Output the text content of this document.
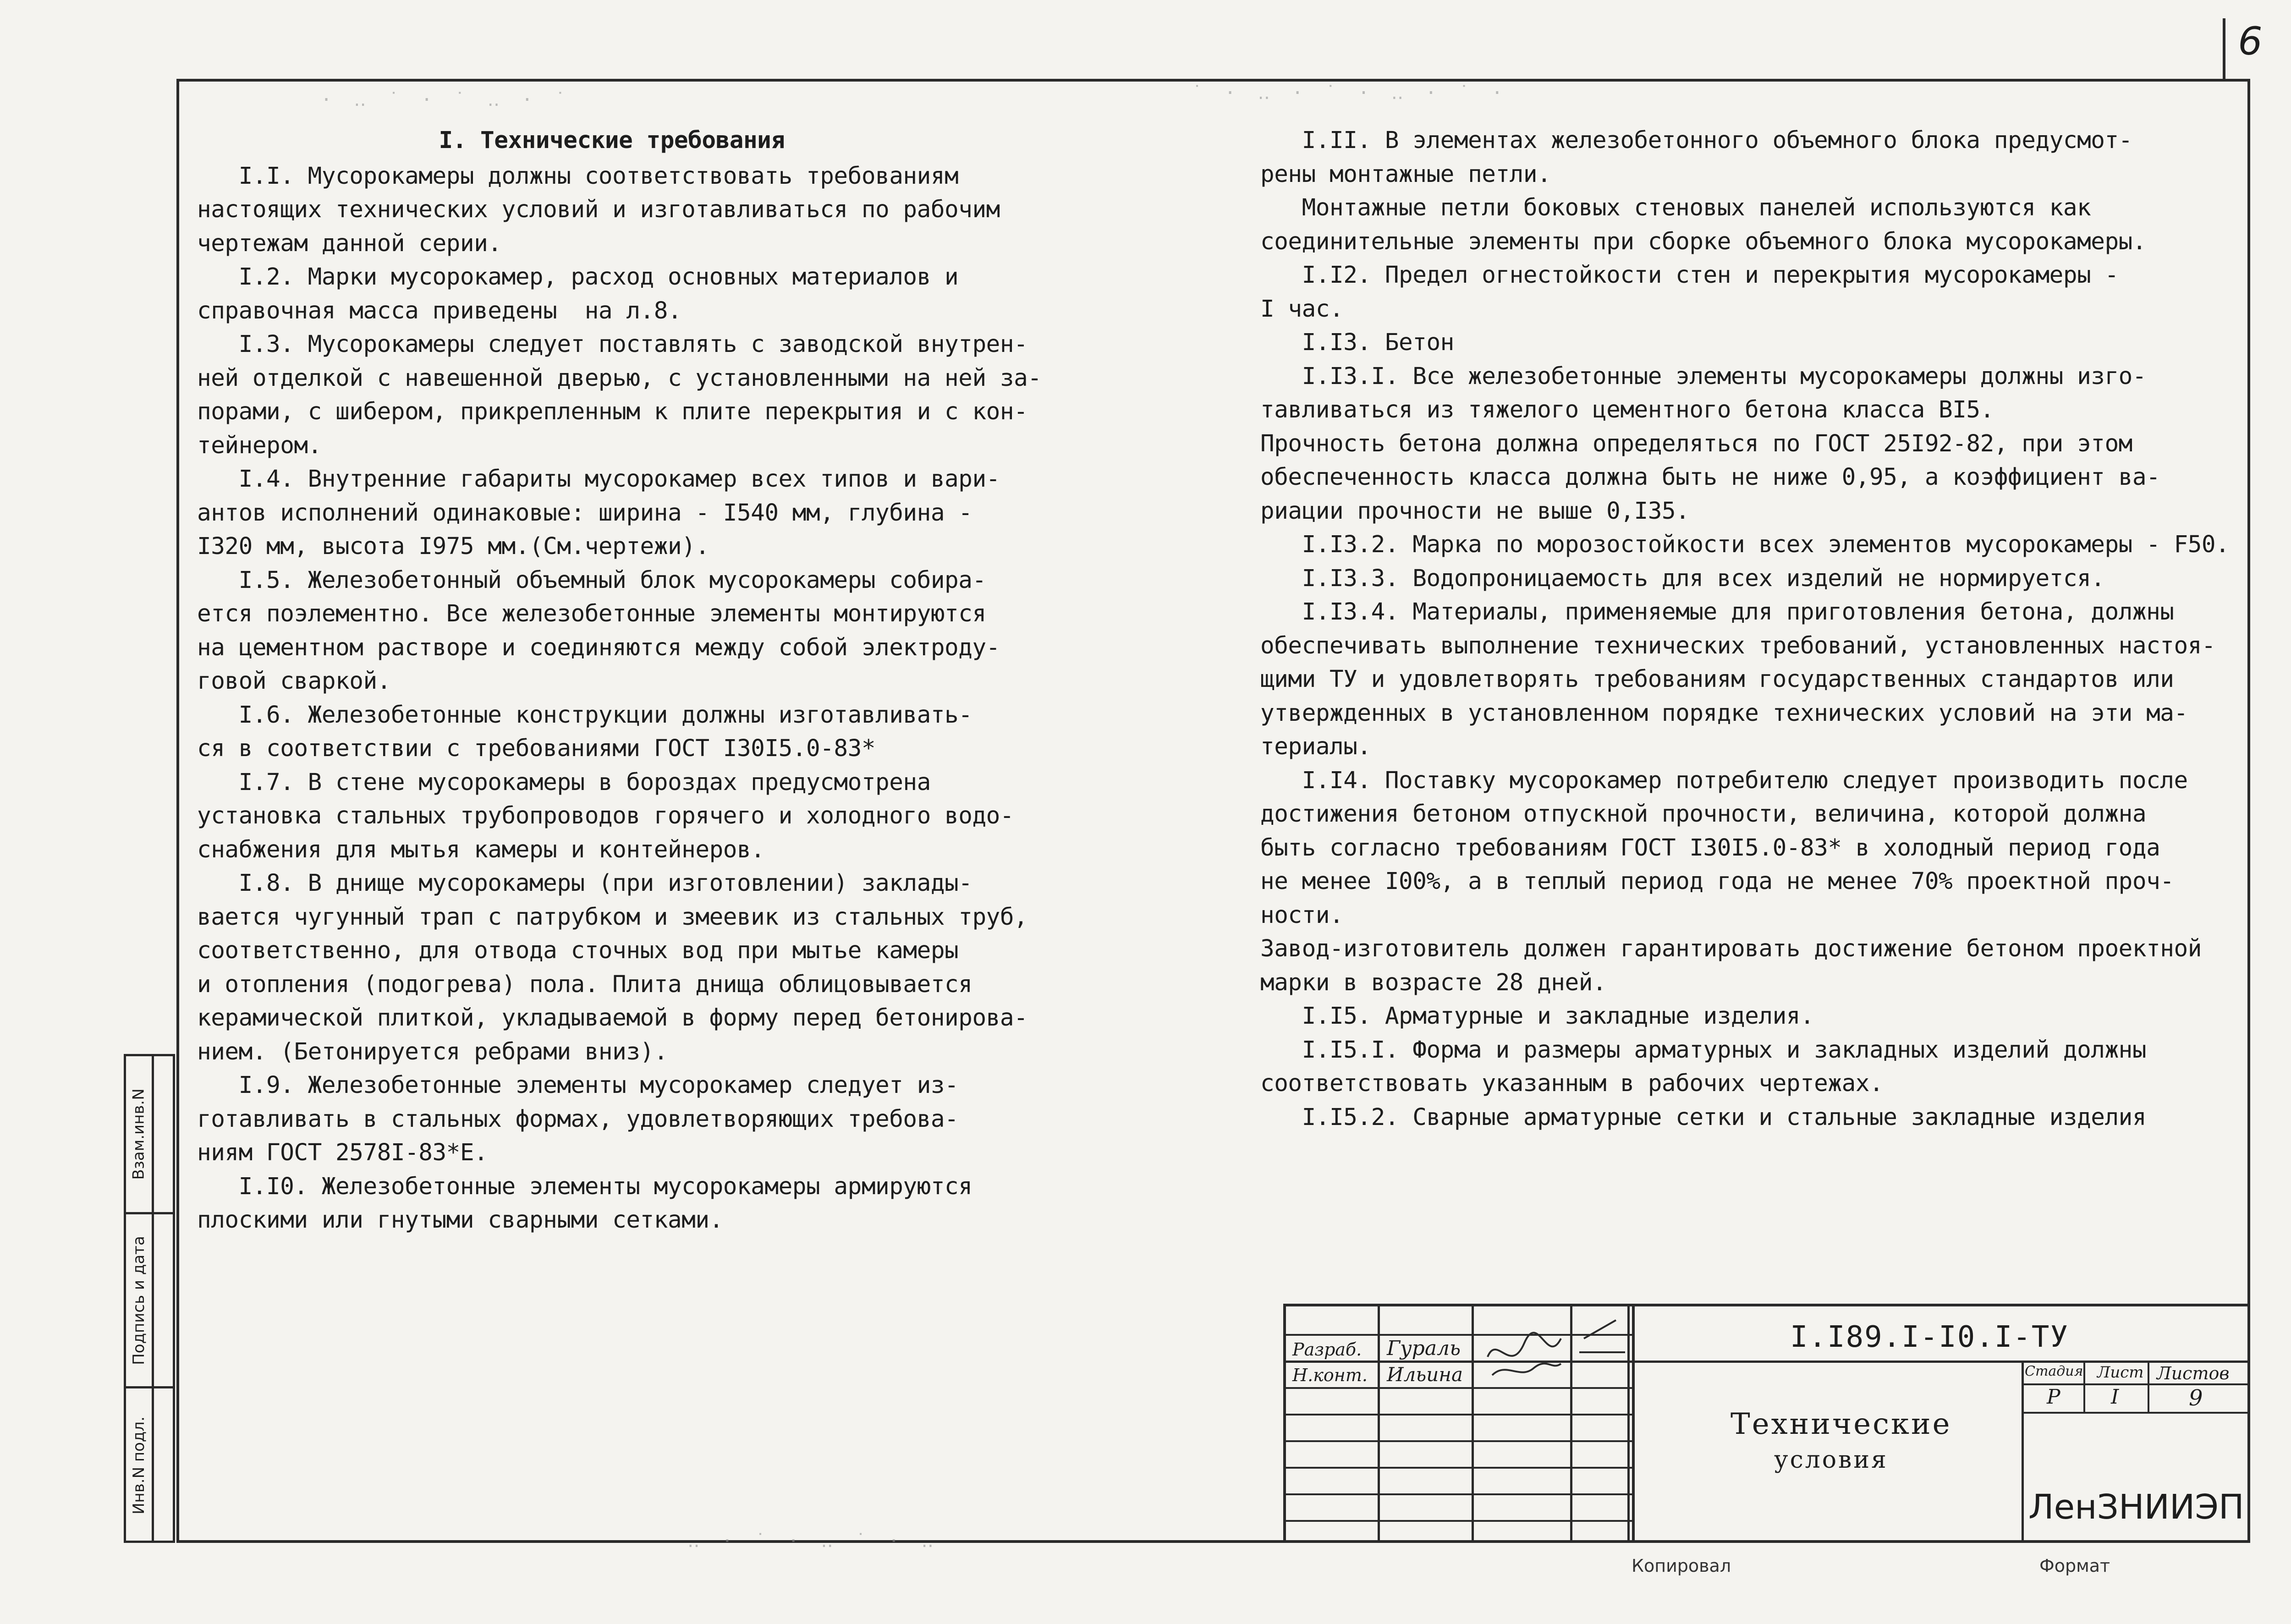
6
· ‥ ˙ · ˙ ‥ · ˙	˙ · ‥ · ˙ · ‥ · ˙ ·
‥ · ˙ · ‥ ˙ · ‥

I. Технические требования

I.I. Мусорокамеры должны соответствовать требованиям

настоящих технических условий и изготавливаться по рабочим

чертежам данной серии.

I.2. Марки мусорокамер, расход основных материалов и

справочная масса приведены  на л.8.

I.3. Мусорокамеры следует поставлять с заводской внутрен-

ней отделкой с навешенной дверью, с установленными на ней за-

порами, с шибером, прикрепленным к плите перекрытия и с кон-

тейнером.

I.4. Внутренние габариты мусорокамер всех типов и вари-

антов исполнений одинаковые: ширина - I540 мм, глубина -

I320 мм, высота I975 мм.(См.чертежи).

I.5. Железобетонный объемный блок мусорокамеры собира-

ется поэлементно. Все железобетонные элементы монтируются

на цементном растворе и соединяются между собой электроду-

говой сваркой.

I.6. Железобетонные конструкции должны изготавливать-

ся в соответствии с требованиями ГОСТ I30I5.0-83*

I.7. В стене мусорокамеры в бороздах предусмотрена

установка стальных трубопроводов горячего и холодного водо-

снабжения для мытья камеры и контейнеров.

I.8. В днище мусорокамеры (при изготовлении) заклады-

вается чугунный трап с патрубком и змеевик из стальных труб,

соответственно, для отвода сточных вод при мытье камеры

и отопления (подогрева) пола. Плита днища облицовывается

керамической плиткой, укладываемой в форму перед бетонирова-

нием. (Бетонируется ребрами вниз).

I.9. Железобетонные элементы мусорокамер следует из-

готавливать в стальных формах, удовлетворяющих требова-

ниям ГОСТ 2578I-83*Е.

I.I0. Железобетонные элементы мусорокамеры армируются

плоскими или гнутыми сварными сетками.

I.II. В элементах железобетонного объемного блока предусмот-

рены монтажные петли.

Монтажные петли боковых стеновых панелей используются как

соединительные элементы при сборке объемного блока мусорокамеры.

I.I2. Предел огнестойкости стен и перекрытия мусорокамеры -

I час.

I.I3. Бетон

I.I3.I. Все железобетонные элементы мусорокамеры должны изго-

тавливаться из тяжелого цементного бетона класса BI5.

Прочность бетона должна определяться по ГОСТ 25I92-82, при этом

обеспеченность класса должна быть не ниже 0,95, а коэффициент ва-

риации прочности не выше 0,I35.

I.I3.2. Марка по морозостойкости всех элементов мусорокамеры - F50.

I.I3.3. Водопроницаемость для всех изделий не нормируется.

I.I3.4. Материалы, применяемые для приготовления бетона, должны

обеспечивать выполнение технических требований, установленных настоя-

щими ТУ и удовлетворять требованиям государственных стандартов или

утвержденных в установленном порядке технических условий на эти ма-

териалы.

I.I4. Поставку мусорокамер потребителю следует производить после

достижения бетоном отпускной прочности, величина, которой должна

быть согласно требованиям ГОСТ I30I5.0-83* в холодный период года

не менее I00%, а в теплый период года не менее 70% проектной проч-

ности.

Завод-изготовитель должен гарантировать достижение бетоном проектной

марки в возрасте 28 дней.

I.I5. Арматурные и закладные изделия.

I.I5.I. Форма и размеры арматурных и закладных изделий должны

соответствовать указанным в рабочих чертежах.

I.I5.2. Сварные арматурные сетки и стальные закладные изделия

Взам.инв.N
Подпись и дата
Инв.N подл.
Разраб. Гураль
Н.конт. Ильина
I.I89.I-I0.I-ТУ
Технические
условия
Стадия Лист Листов
Р	I	9
ЛенЗНИИЭП
Копировал	Формат
